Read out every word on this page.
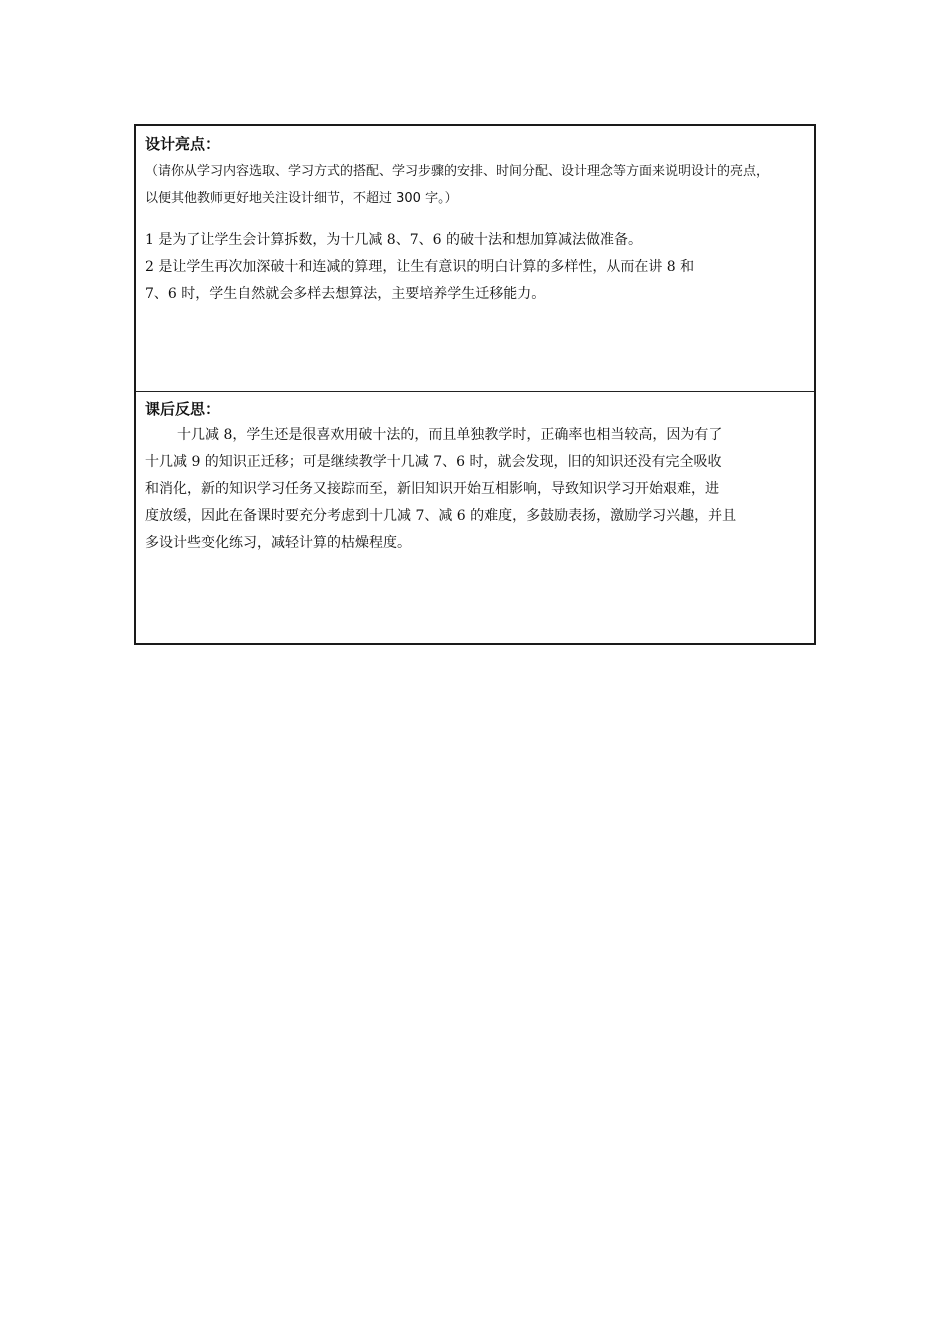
设计亮点：
（请你从学习内容选取、学习方式的搭配、学习步骤的安排、时间分配、设计理念等方面来说明设计的亮点，
以便其他教师更好地关注设计细节，不超过 300 字。）
1 是为了让学生会计算拆数，为十几减 8、7、6 的破十法和想加算减法做准备。
2 是让学生再次加深破十和连减的算理，让生有意识的明白计算的多样性，从而在讲 8 和
7、6 时，学生自然就会多样去想算法，主要培养学生迁移能力。
课后反思：
十几减 8，学生还是很喜欢用破十法的，而且单独教学时，正确率也相当较高，因为有了
十几减 9 的知识正迁移；可是继续教学十几减 7、6 时，就会发现，旧的知识还没有完全吸收
和消化，新的知识学习任务又接踪而至，新旧知识开始互相影响，导致知识学习开始艰难，进
度放缓，因此在备课时要充分考虑到十几减 7、减 6 的难度，多鼓励表扬，激励学习兴趣，并且
多设计些变化练习，减轻计算的枯燥程度。
